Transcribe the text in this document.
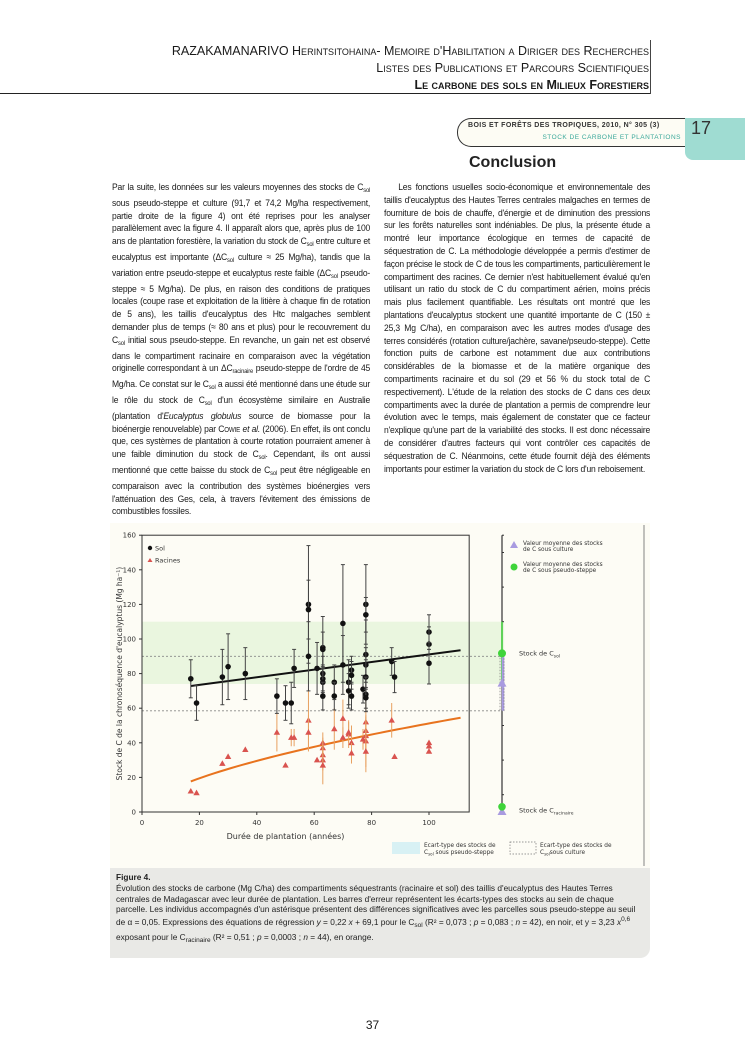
RAZAKAMANARIVO Herintsitohaina- Memoire d'Habilitation a Diriger des Recherches
Listes des Publications et Parcours Scientifiques
Le carbone des sols en Milieux Forestiers
BOIS ET FORÊTS DES TROPIQUES, 2010, N° 305 (3)
STOCK DE CARBONE ET PLANTATIONS 17
Conclusion

Par la suite, les données sur les valeurs moyennes des stocks de $C_{sol}$ sous pseudo-steppe et culture (91,7 et 74,2 Mg/ha respectivement, partie droite de la figure 4) ont été reprises pour les analyser parallèlement avec la figure 4. Il apparaît alors que, après plus de 100 ans de plantation forestière, la variation du stock de $C_{sol}$ entre culture et eucalyptus est importante ($\Delta C_{sol}$ culture ≈ 25 Mg/ha), tandis que la variation entre pseudo-steppe et eucalyptus reste faible ($\Delta C_{sol}$ pseudo-steppe ≈ 5 Mg/ha). De plus, en raison des conditions de pratiques locales (coupe rase et exploitation de la litière à chaque fin de rotation de 5 ans), les taillis d'eucalyptus des Htc malgaches semblent demander plus de temps (≈ 80 ans et plus) pour le recouvrement du $C_{sol}$ initial sous pseudo-steppe. En revanche, un gain net est observé dans le compartiment racinaire en comparaison avec la végétation originelle correspondant à un $\Delta C_{racinaire}$ pseudo-steppe de l'ordre de 45 Mg/ha. Ce constat sur le $C_{sol}$ a aussi été mentionné dans une étude sur le rôle du stock de $C_{sol}$ d'un écosystème similaire en Australie (plantation d'Eucalyptus globulus source de biomasse pour la bioénergie renouvelable) par Cowie et al. (2006). En effet, ils ont conclu que, ces systèmes de plantation à courte rotation pourraient amener à une faible diminution du stock de $C_{sol}$. Cependant, ils ont aussi mentionné que cette baisse du stock de $C_{sol}$ peut être négligeable en comparaison avec la contribution des systèmes bioénergies vers l'atténuation des Ges, cela, à travers l'évitement des émissions de combustibles fossiles.

Les fonctions usuelles socio-économique et environnementale des taillis d'eucalyptus des Hautes Terres centrales malgaches en termes de fourniture de bois de chauffe, d'énergie et de diminution des pressions sur les forêts naturelles sont indéniables. De plus, la présente étude a montré leur importance écologique en termes de capacité de séquestration de C. La méthodologie développée a permis d'estimer de façon précise le stock de C de tous les compartiments, particulièrement le compartiment des racines. Ce dernier n'est habituellement évalué qu'en utilisant un ratio du stock de C du compartiment aérien, moins précis mais plus facilement quantifiable. Les résultats ont montré que les plantations d'eucalyptus stockent une quantité importante de C (150 ± 25,3 Mg C/ha), en comparaison avec les autres modes d'usage des terres considérés (rotation culture/jachère, savane/pseudo-steppe). Cette fonction puits de carbone est notamment due aux contributions considérables de la biomasse et de la matière organique des compartiments racinaire et du sol (29 et 56 % du stock total de C respectivement). L'étude de la relation des stocks de C dans ces deux compartiments avec la durée de plantation a permis de comprendre leur évolution avec le temps, mais également de constater que ce facteur n'explique qu'une part de la variabilité des stocks. Il est donc nécessaire de considérer d'autres facteurs qui vont contrôler ces capacités de séquestration de C. Néanmoins, cette étude fournit déjà des éléments importants pour estimer la variation du stock de C lors d'un reboisement.

0	20	40	60	80	100
0
20
40
60
80
100
120
140
160
Durée de plantation (années)
Stock de C de la chronoséquence d'eucalyptus (Mg ha⁻¹)
Sol
Racines
Stock de $C_{sol}$
Stock de $C_{racinaire}$
Valeur moyenne des stocks
de C sous culture
Valeur moyenne des stocks
de C sous pseudo-steppe
Ecart-type des stocks de
$C_{sol}$ sous pseudo-steppe
Ecart-type des stocks de
$C_{sol}sous$ culture
Figure 4.
Évolution des stocks de carbone (Mg C/ha) des compartiments séquestrants (racinaire et sol) des taillis d'eucalyptus des Hautes Terres centrales de Madagascar avec leur durée de plantation. Les barres d'erreur représentent les écarts-types des stocks au sein de chaque parcelle. Les individus accompagnés d'un astérisque présentent des différences significatives avec les parcelles sous pseudo-steppe au seuil de α = 0,05. Expressions des équations de régression y = 0,22 x + 69,1 pour le $C_{sol}$ (R² = 0,073 ; p = 0,083 ; n = 42), en noir, et y = 3,23 $x^{0,6}$ exposant pour le $C_{racinaire}$ (R² = 0,51 ; p = 0,0003 ; n = 44), en orange.
37
